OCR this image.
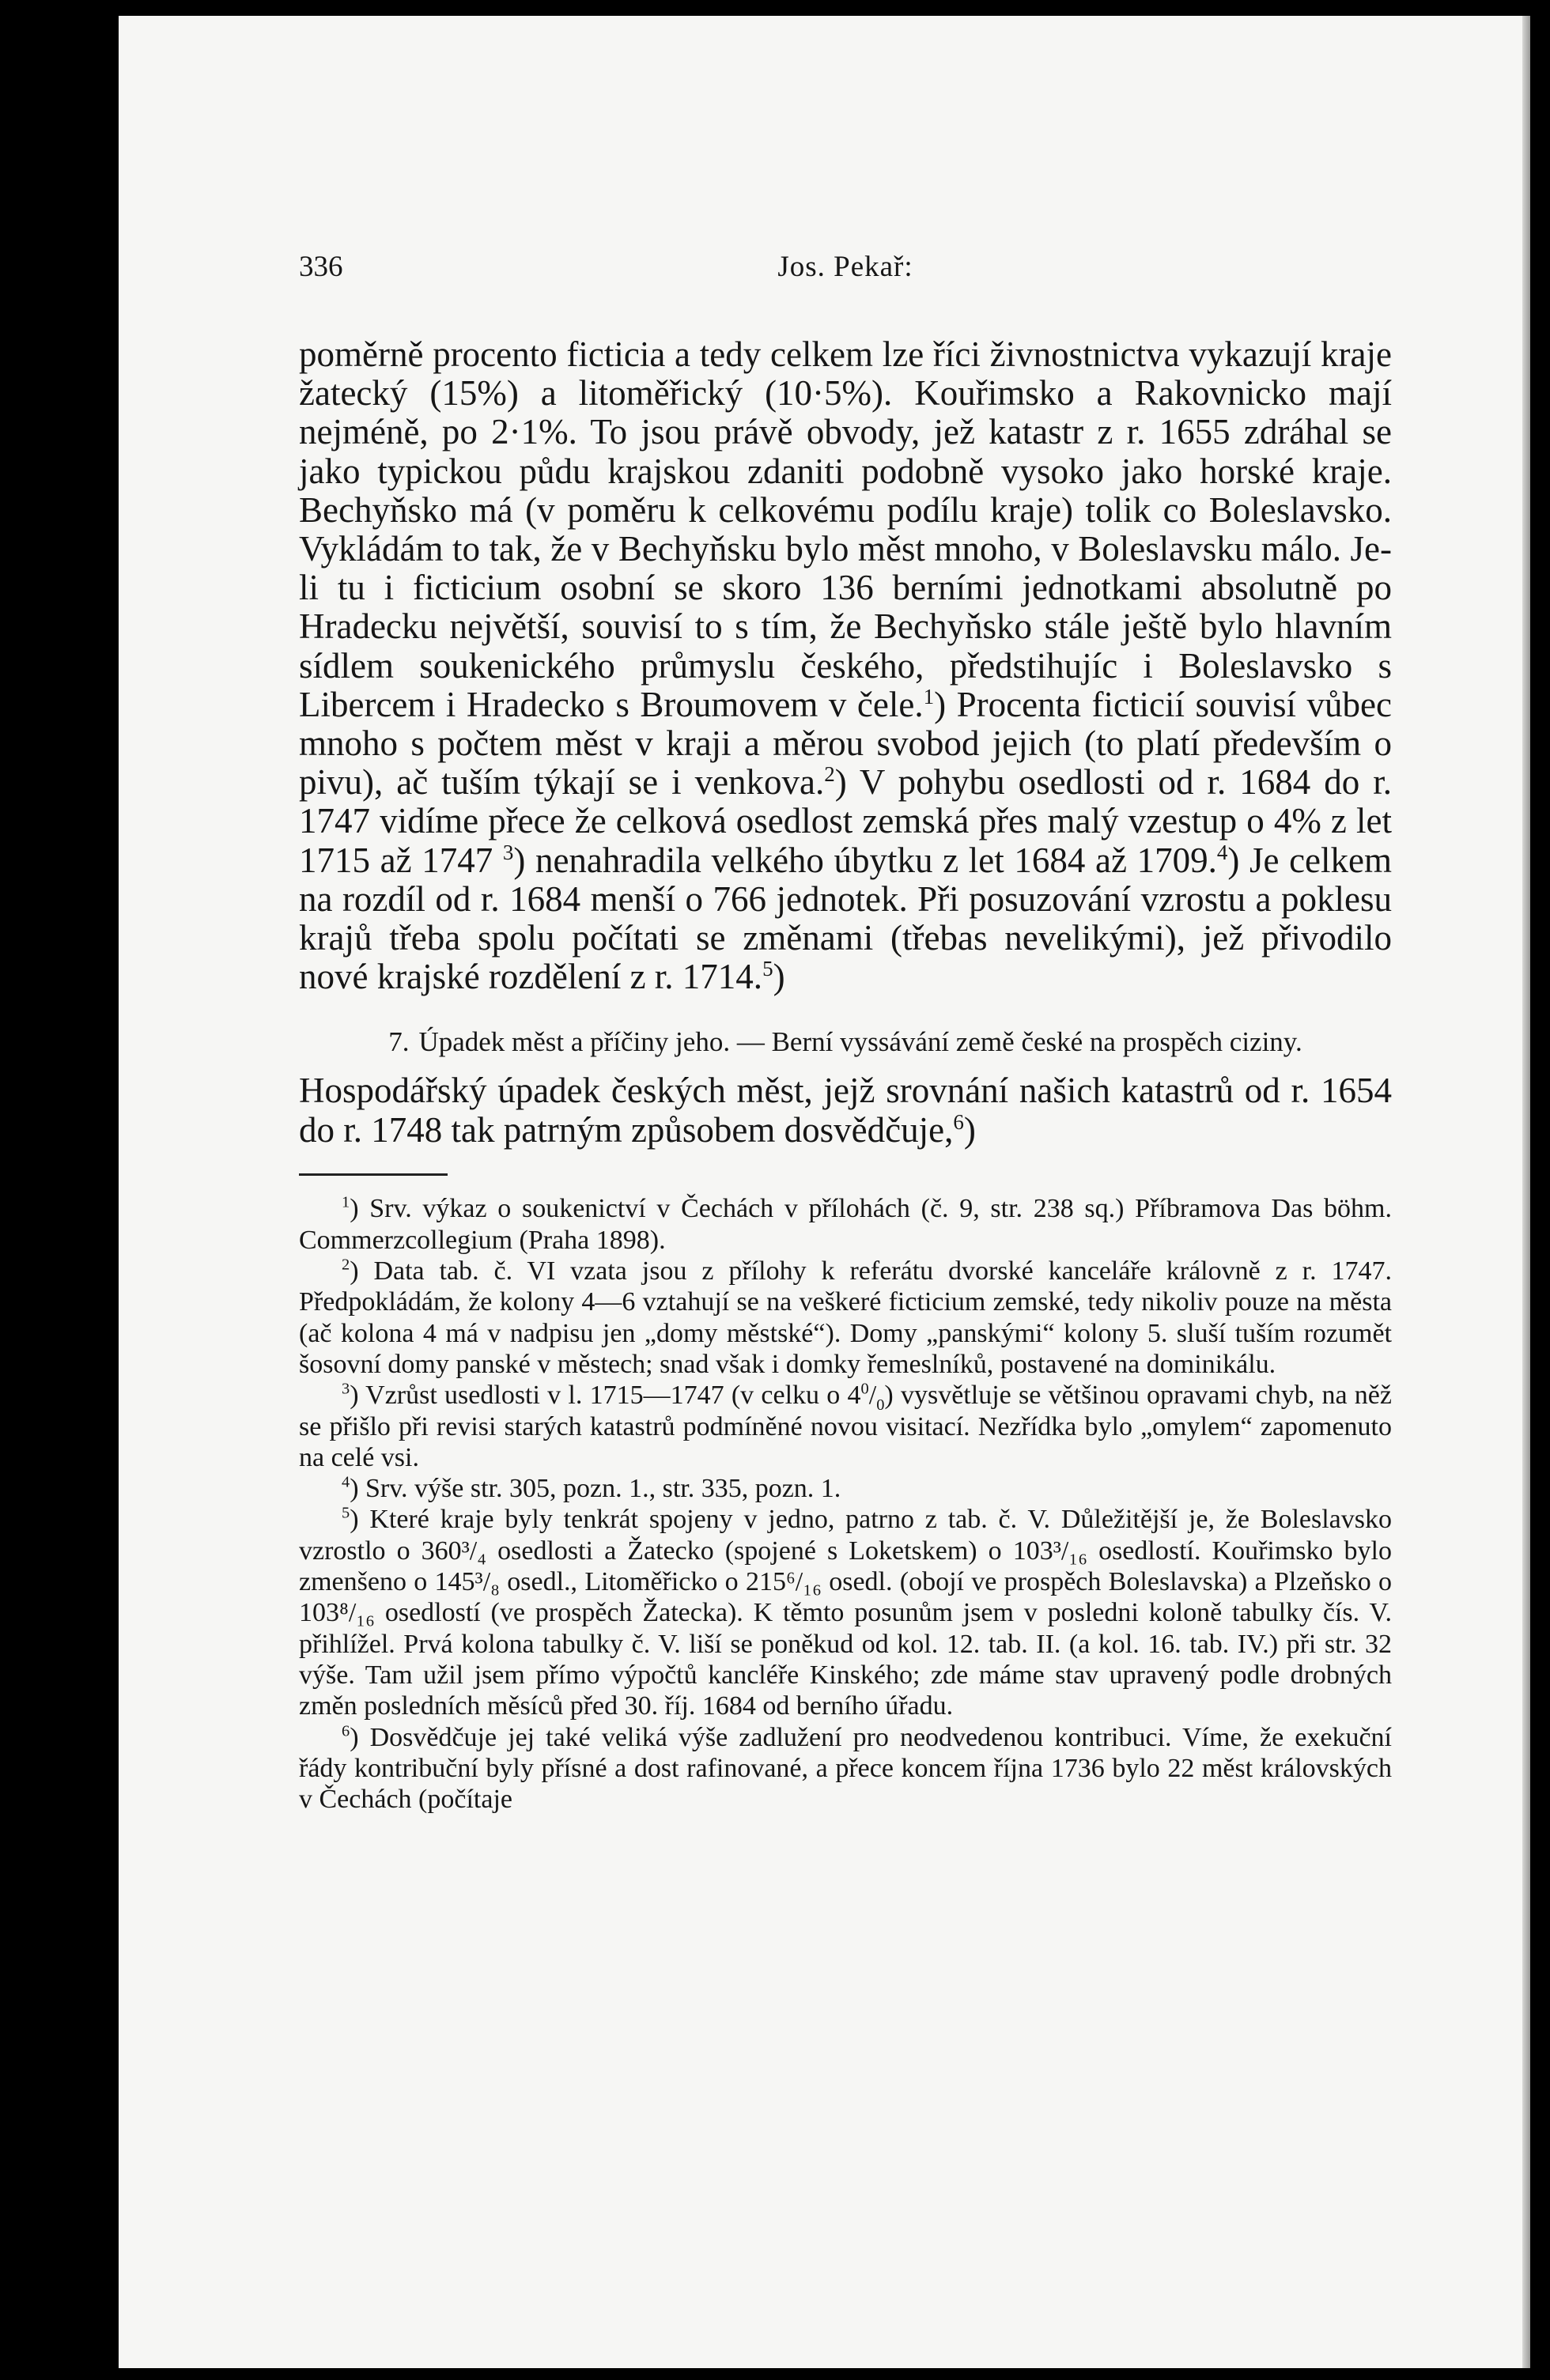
336	Jos. Pekař:

poměrně procento ficticia a tedy celkem lze říci živnostnictva vykazují kraje žatecký (15%) a litoměřický (10·5%). Kouřimsko a Rakovnicko mají nejméně, po 2·1%. To jsou právě obvody, jež katastr z r. 1655 zdráhal se jako typickou půdu krajskou zdaniti podobně vysoko jako horské kraje. Bechyňsko má (v poměru k celkovému podílu kraje) tolik co Boleslavsko. Vykládám to tak, že v Bechyňsku bylo měst mnoho, v Boleslavsku málo. Je-li tu i ficticium osobní se skoro 136 berními jednotkami absolutně po Hradecku největší, souvisí to s tím, že Bechyňsko stále ještě bylo hlavním sídlem soukenického průmyslu českého, předstihujíc i Boleslavsko s Libercem i Hradecko s Broumovem v čele.$^1$) Procenta ficticií souvisí vůbec mnoho s počtem měst v kraji a měrou svobod jejich (to platí především o pivu), ač tuším týkají se i venkova.$^2$) V pohybu osedlosti od r. 1684 do r. 1747 vidíme přece že celková osedlost zemská přes malý vzestup o 4% z let 1715 až 1747 $^3$) nenahradila velkého úbytku z let 1684 až 1709.$^4$) Je celkem na rozdíl od r. 1684 menší o 766 jednotek. Při posuzování vzrostu a poklesu krajů třeba spolu počítati se změnami (třebas nevelikými), jež přivodilo nové krajské rozdělení z r. 1714.$^5$)

7. Úpadek měst a příčiny jeho. — Berní vyssávání země české na prospěch ciziny.
Hospodářský úpadek českých měst, jejž srovnání našich katastrů od r. 1654 do r. 1748 tak patrným způsobem dosvědčuje,$^6$)

$^1$) Srv. výkaz o soukenictví v Čechách v přílohách (č. 9, str. 238 sq.) Příbramova Das böhm. Commerzcollegium (Praha 1898).

$^2$) Data tab. č. VI vzata jsou z přílohy k referátu dvorské kanceláře královně z r. 1747. Předpokládám, že kolony 4—6 vztahují se na veškeré ficticium zemské, tedy nikoliv pouze na města (ač kolona 4 má v nadpisu jen „domy městské“). Domy „panskými“ kolony 5. sluší tuším rozumět šosovní domy panské v městech; snad však i domky řemeslníků, postavené na dominikálu.

$^3$) Vzrůst usedlosti v l. 1715—1747 (v celku o $4^0/_0$) vysvětluje se většinou opravami chyb, na něž se přišlo při revisi starých katastrů podmíněné novou visitací. Nezřídka bylo „omylem“ zapomenuto na celé vsi.

$^4$) Srv. výše str. 305, pozn. 1., str. 335, pozn. 1.

$^5$) Které kraje byly tenkrát spojeny v jedno, patrno z tab. č. V. Důležitější je, že Boleslavsko vzrostlo o 360³/₄ osedlosti a Žatecko (spojené s Loketskem) o 103³/₁₆ osedlostí. Kouřimsko bylo zmenšeno o 145³/₈ osedl., Litoměřicko o 215⁶/₁₆ osedl. (obojí ve prospěch Boleslavska) a Plzeňsko o 103⁸/₁₆ osedlostí (ve prospěch Žatecka). K těmto posunům jsem v posledni koloně tabulky čís. V. přihlížel. Prvá kolona tabulky č. V. liší se poněkud od kol. 12. tab. II. (a kol. 16. tab. IV.) při str. 32 výše. Tam užil jsem přímo výpočtů kancléře Kinského; zde máme stav upravený podle drobných změn posledních měsíců před 30. říj. 1684 od berního úřadu.

$^6$) Dosvědčuje jej také veliká výše zadlužení pro neodvedenou kontribuci. Víme, že exekuční řády kontribuční byly přísné a dost rafinované, a přece koncem října 1736 bylo 22 měst královských v Čechách (počítaje
